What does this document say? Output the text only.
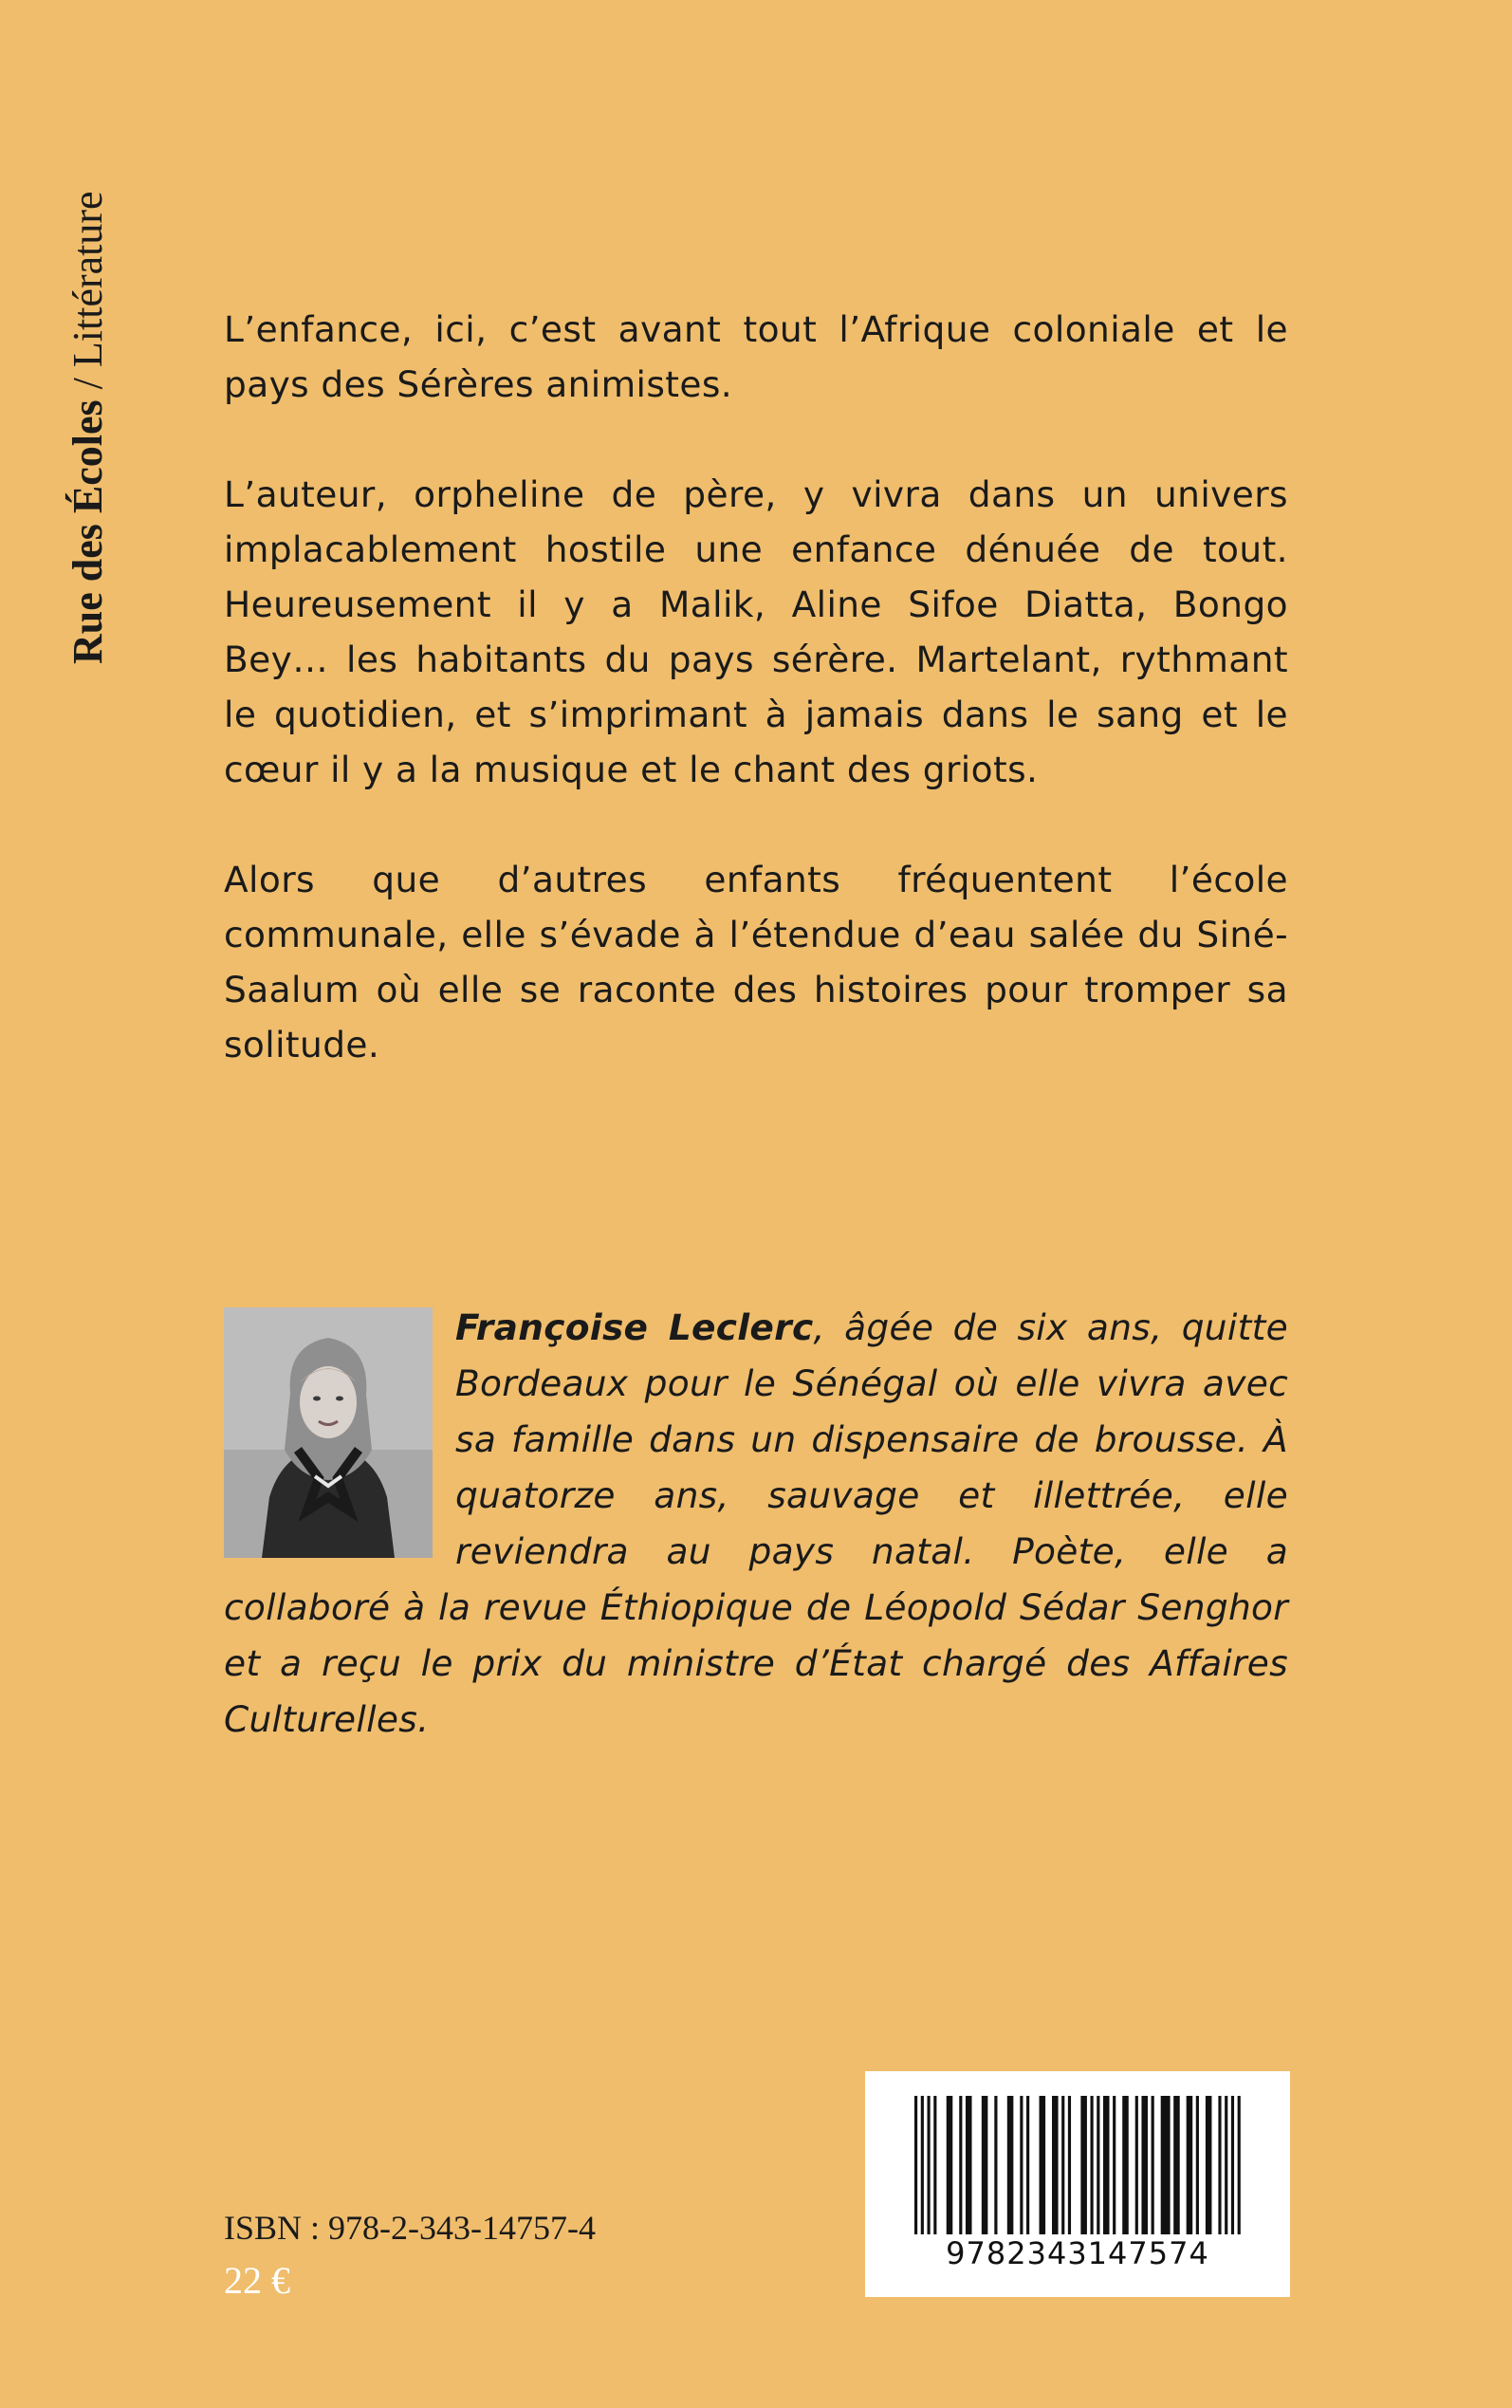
Rue des Écoles / Littérature	L’enfance, ici, c’est avant tout l’Afrique coloniale et le pays des Sérères animistes.

L’auteur, orpheline de père, y vivra dans un univers implacablement hostile une enfance dénuée de tout. Heureusement il y a Malik, Aline Sifoe Diatta, Bongo Bey… les habitants du pays sérère. Martelant, rythmant le quotidien, et s’imprimant à jamais dans le sang et le cœur il y a la musique et le chant des griots.

Alors que d’autres enfants fréquentent l’école communale, elle s’évade à l’étendue d’eau salée du Siné-Saalum où elle se raconte des histoires pour tromper sa solitude.

Françoise Leclerc, âgée de six ans, quitte Bordeaux pour le Sénégal où elle vivra avec sa famille dans un dispensaire de brousse. À quatorze ans, sauvage et illettrée, elle reviendra au pays natal. Poète, elle a collaboré à la revue Éthiopique de Léopold Sédar Senghor et a reçu le prix du ministre d’État chargé des Affaires Culturelles.
ISBN : 978-2-343-14757-4
22 €
9782343147574
